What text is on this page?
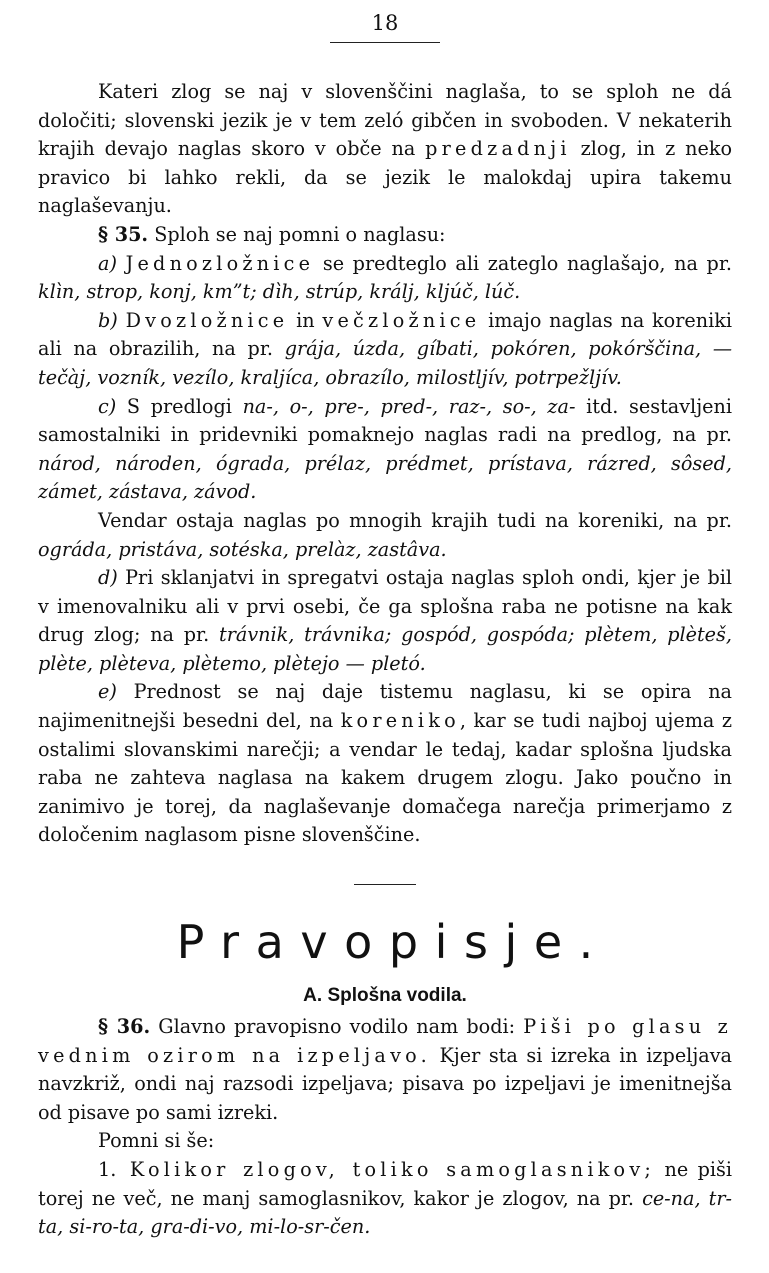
18

Kateri zlog se naj v slovenščini naglaša, to se sploh ne dá določiti; slovenski jezik je v tem zeló gibčen in svoboden. V nekaterih krajih devajo naglas skoro v obče na predzadnji zlog, in z neko pravico bi lahko rekli, da se jezik le malokdaj upira takemu naglaševanju.

§ 35. Sploh se naj pomni o naglasu:

a) Jednozložnice se predteglo ali zateglo naglašajo, na pr. klìn, strop, konj, km”t; dìh, strúp, králj, kljúč, lúč.

b) Dvozložnice in večzložnice imajo naglas na koreniki ali na obrazilih, na pr. grája, úzda, gíbati, pokóren, pokórščina, — tečàj, vozník, vezílo, kraljíca, obrazílo, milostljív, potrpežljív.

c) S predlogi na-, o-, pre-, pred-, raz-, so-, za- itd. sestavljeni samostalniki in pridevniki pomaknejo naglas radi na predlog, na pr. národ, národen, ógrada, prélaz, prédmet, prístava, rázred, sôsed, zámet, zástava, závod.

Vendar ostaja naglas po mnogih krajih tudi na koreniki, na pr. ográda, pristáva, sotéska, prelàz, zastâva.

d) Pri sklanjatvi in spregatvi ostaja naglas sploh ondi, kjer je bil v imenovalniku ali v prvi osebi, če ga splošna raba ne potisne na kak drug zlog; na pr. trávnik, trávnika; gospód, gospóda; plètem, plèteš, plète, plèteva, plètemo, plètejo — pletó.

e) Prednost se naj daje tistemu naglasu, ki se opira na najimenitnejši besedni del, na koreniko, kar se tudi najboj ujema z ostalimi slovanskimi narečji; a vendar le tedaj, kadar splošna ljudska raba ne zahteva naglasa na kakem drugem zlogu. Jako poučno in zanimivo je torej, da naglaševanje domačega narečja primerjamo z določenim naglasom pisne slovenščine.

Pravopisje.
A. Splošna vodila.

§ 36. Glavno pravopisno vodilo nam bodi: Piši po glasu z vednim ozirom na izpeljavo. Kjer sta si izreka in izpeljava navzkriž, ondi naj razsodi izpeljava; pisava po izpeljavi je imenitnejša od pisave po sami izreki.

Pomni si še:

1. Kolikor zlogov, toliko samoglasnikov; ne piši torej ne več, ne manj samoglasnikov, kakor je zlogov, na pr. ce-na, tr-ta, si-ro-ta, gra-di-vo, mi-lo-sr-čen.
